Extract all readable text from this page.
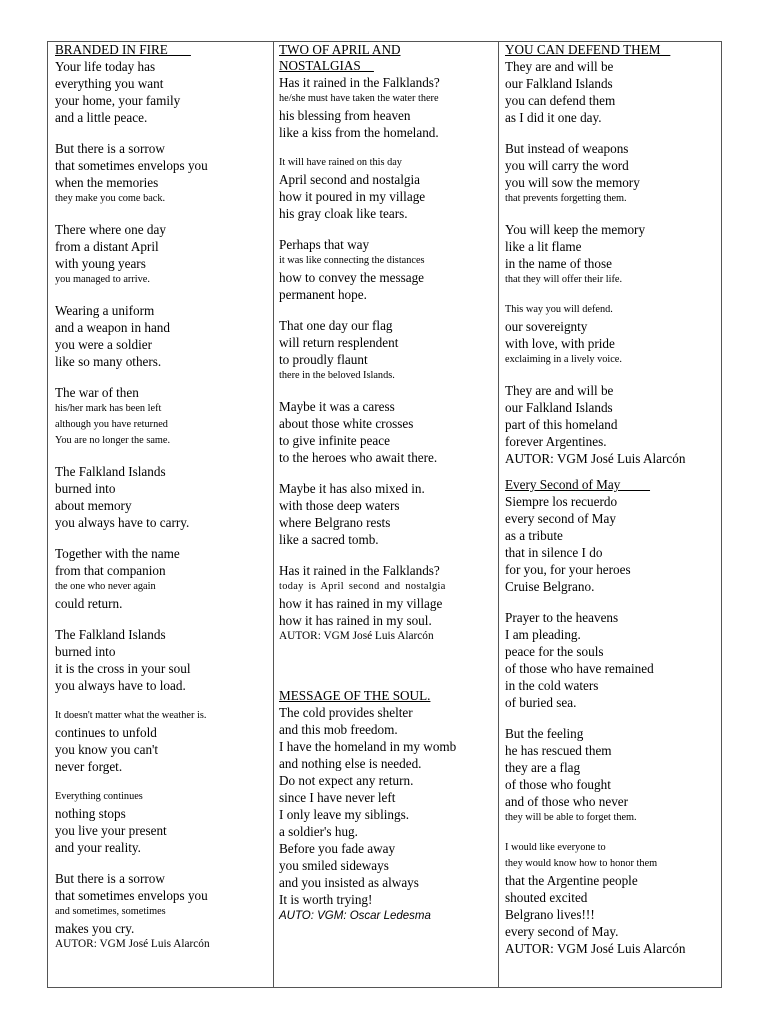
BRANDED IN FIRE
Your life today has
everything you want
your home, your family
and a little peace.
But there is a sorrow
that sometimes envelops you
when the memories
they make you come back.
There where one day
from a distant April
with young years
you managed to arrive.
Wearing a uniform
and a weapon in hand
you were a soldier
like so many others.
The war of then
his/her mark has been left
although you have returned
You are no longer the same.
The Falkland Islands
burned into
about memory
you always have to carry.
Together with the name
from that companion
the one who never again
could return.
The Falkland Islands
burned into
it is the cross in your soul
you always have to load.
It doesn't matter what the weather is.
continues to unfold
you know you can't
never forget.
Everything continues
nothing stops
you live your present
and your reality.
But there is a sorrow
that sometimes envelops you
and sometimes, sometimes
makes you cry.
AUTOR: VGM José Luis Alarcón
TWO OF APRIL AND
NOSTALGIAS
Has it rained in the Falklands?
he/she must have taken the water there
his blessing from heaven
like a kiss from the homeland.
It will have rained on this day
April second and nostalgia
how it poured in my village
his gray cloak like tears.
Perhaps that way
it was like connecting the distances
how to convey the message
permanent hope.
That one day our flag
will return resplendent
to proudly flaunt
there in the beloved Islands.
Maybe it was a caress
about those white crosses
to give infinite peace
to the heroes who await there.
Maybe it has also mixed in.
with those deep waters
where Belgrano rests
like a sacred tomb.
Has it rained in the Falklands?
today is April second and nostalgia
how it has rained in my village
how it has rained in my soul.
AUTOR: VGM José Luis Alarcón
MESSAGE OF THE SOUL.
The cold provides shelter
and this mob freedom.
I have the homeland in my womb
and nothing else is needed.
Do not expect any return.
since I have never left
I only leave my siblings.
a soldier's hug.
Before you fade away
you smiled sideways
and you insisted as always
It is worth trying!
AUTO: VGM: Oscar Ledesma
YOU CAN DEFEND THEM
They are and will be
our Falkland Islands
you can defend them
as I did it one day.
But instead of weapons
you will carry the word
you will sow the memory
that prevents forgetting them.
You will keep the memory
like a lit flame
in the name of those
that they will offer their life.
This way you will defend.
our sovereignty
with love, with pride
exclaiming in a lively voice.
They are and will be
our Falkland Islands
part of this homeland
forever Argentines.
AUTOR: VGM José Luis Alarcón
Every Second of May
Siempre los recuerdo
every second of May
as a tribute
that in silence I do
for you, for your heroes
Cruise Belgrano.
Prayer to the heavens
I am pleading.
peace for the souls
of those who have remained
in the cold waters
of buried sea.
But the feeling
he has rescued them
they are a flag
of those who fought
and of those who never
they will be able to forget them.
I would like everyone to
they would know how to honor them
that the Argentine people
shouted excited
Belgrano lives!!!
every second of May.
AUTOR: VGM José Luis Alarcón
